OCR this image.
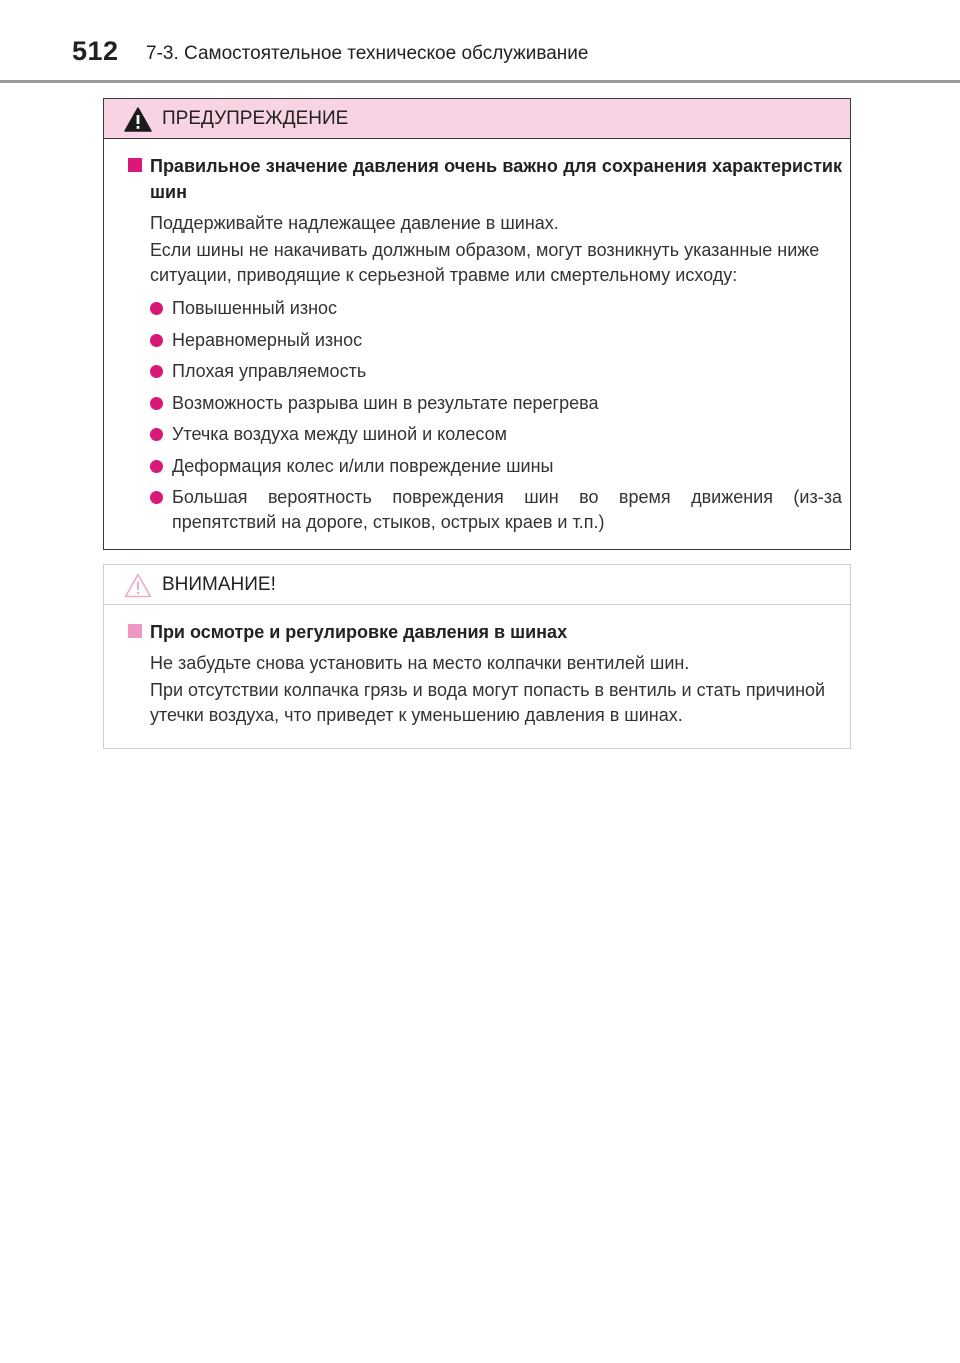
512 7-3. Самостоятельное техническое обслуживание
ПРЕДУПРЕЖДЕНИЕ
Правильное значение давления очень важно для сохранения характеристик шин
Поддерживайте надлежащее давление в шинах.
Если шины не накачивать должным образом, могут возникнуть указанные ниже ситуации, приводящие к серьезной травме или смертельному исходу:
Повышенный износ
Неравномерный износ
Плохая управляемость
Возможность разрыва шин в результате перегрева
Утечка воздуха между шиной и колесом
Деформация колес и/или повреждение шины
Большая вероятность повреждения шин во время движения (из-за препятствий на дороге, стыков, острых краев и т.п.)
ВНИМАНИЕ!
При осмотре и регулировке давления в шинах
Не забудьте снова установить на место колпачки вентилей шин.
При отсутствии колпачка грязь и вода могут попасть в вентиль и стать причиной утечки воздуха, что приведет к уменьшению давления в шинах.
